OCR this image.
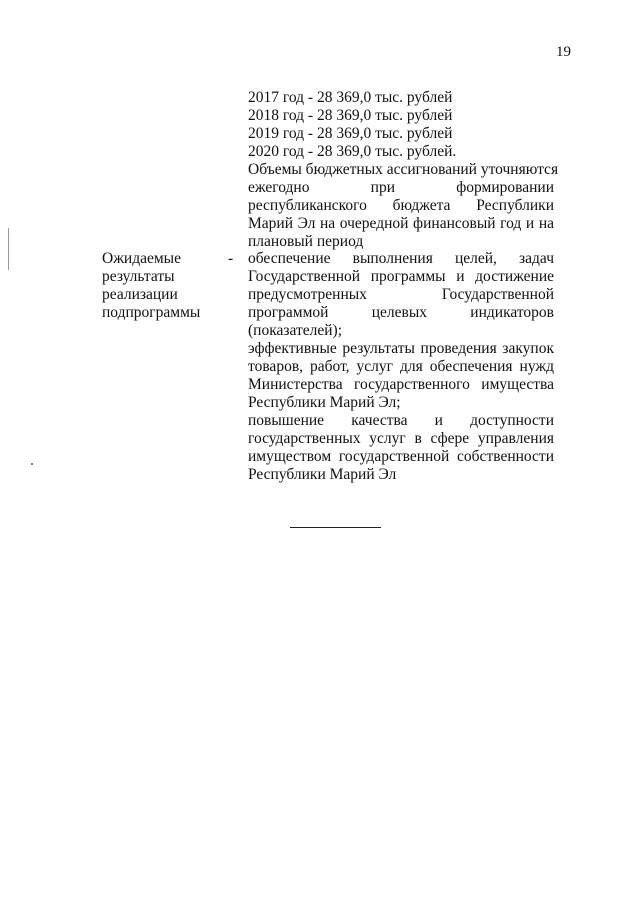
19
2017 год - 28 369,0 тыс. рублей
2018 год - 28 369,0 тыс. рублей
2019 год - 28 369,0 тыс. рублей
2020 год - 28 369,0 тыс. рублей.
Объемы бюджетных ассигнований уточняются
ежегодно при формировании
республиканского бюджета Республики
Марий Эл на очередной финансовый год и на
плановый период
Ожидаемые
результаты
реализации
подпрограммы
- обеспечение выполнения целей, задач
Государственной программы и достижение
предусмотренных Государственной
программой целевых индикаторов
(показателей);
эффективные результаты проведения закупок
товаров, работ, услуг для обеспечения нужд
Министерства государственного имущества
Республики Марий Эл;
повышение качества и доступности
государственных услуг в сфере управления
имуществом государственной собственности
Республики Марий Эл
